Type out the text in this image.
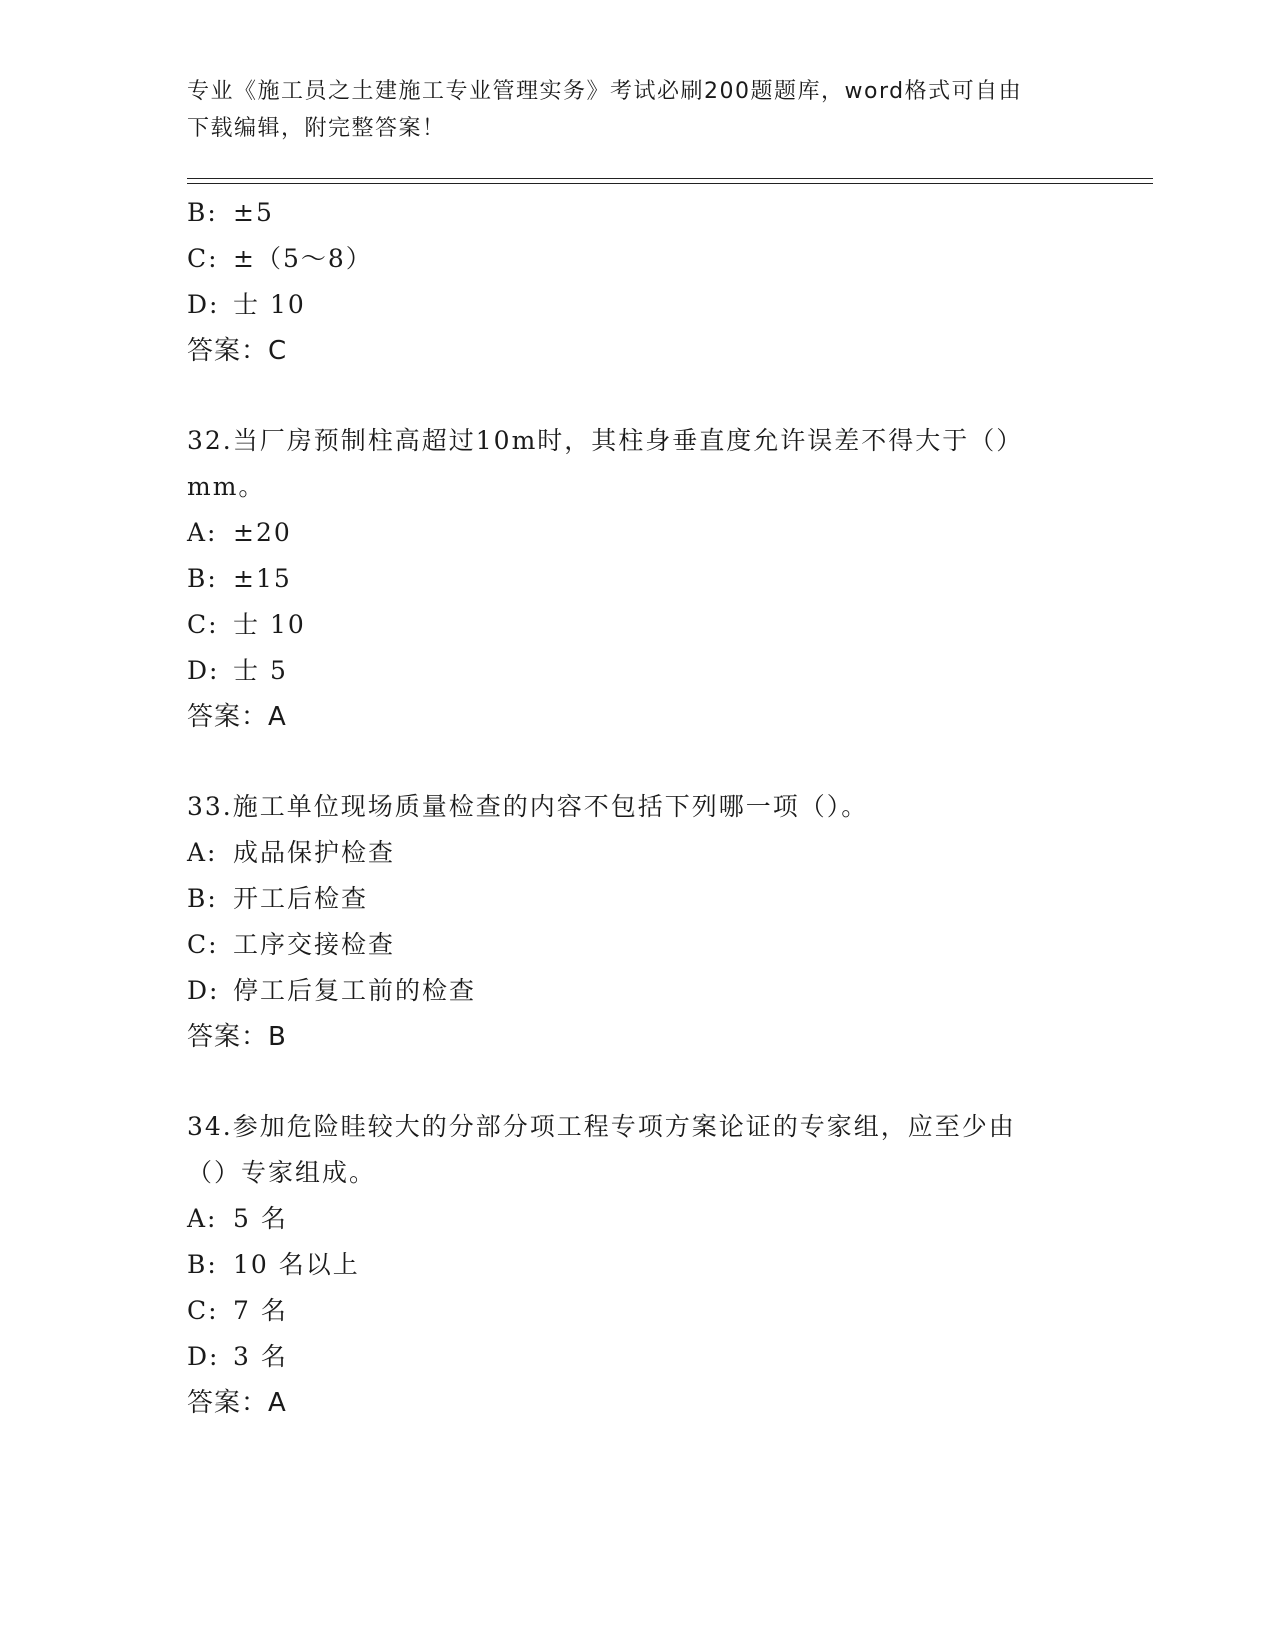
专业《施工员之土建施工专业管理实务》考试必刷200题题库，word格式可自由
下载编辑，附完整答案！
B: ±5
C: ±（5～8）
D: 士 10
答案：C
32.当厂房预制柱高超过10m时，其柱身垂直度允许误差不得大于（）
mm。
A: ±20
B: ±15
C: 士 10
D: 士 5
答案：A
33.施工单位现场质量检查的内容不包括下列哪一项（）。
A: 成品保护检查
B: 开工后检查
C: 工序交接检查
D: 停工后复工前的检查
答案：B
34.参加危险眭较大的分部分项工程专项方案论证的专家组，应至少由
（）专家组成。
A: 5 名
B: 10 名以上
C: 7 名
D: 3 名
答案：A
